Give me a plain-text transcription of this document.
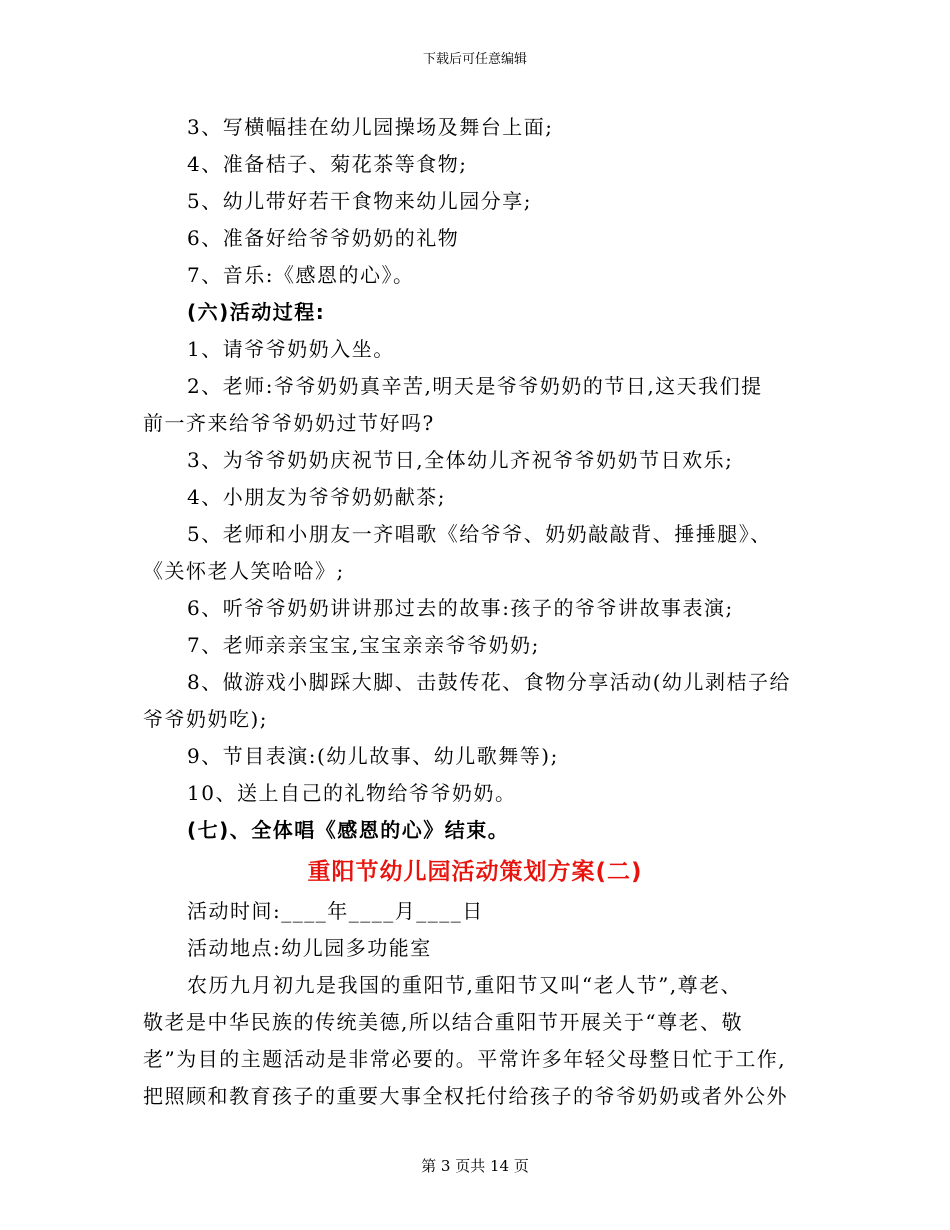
下载后可任意编辑
3、写横幅挂在幼儿园操场及舞台上面;
4、准备桔子、菊花茶等食物;
5、幼儿带好若干食物来幼儿园分享;
6、准备好给爷爷奶奶的礼物
7、音乐:《感恩的心》。
(六)活动过程:
1、请爷爷奶奶入坐。
2、老师:爷爷奶奶真辛苦,明天是爷爷奶奶的节日,这天我们提
前一齐来给爷爷奶奶过节好吗?
3、为爷爷奶奶庆祝节日,全体幼儿齐祝爷爷奶奶节日欢乐;
4、小朋友为爷爷奶奶献茶;
5、老师和小朋友一齐唱歌《给爷爷、奶奶敲敲背、捶捶腿》、
《关怀老人笑哈哈》;
6、听爷爷奶奶讲讲那过去的故事:孩子的爷爷讲故事表演;
7、老师亲亲宝宝,宝宝亲亲爷爷奶奶;
8、做游戏小脚踩大脚、击鼓传花、食物分享活动(幼儿剥桔子给
爷爷奶奶吃);
9、节目表演:(幼儿故事、幼儿歌舞等);
10、送上自己的礼物给爷爷奶奶。
(七)、全体唱《感恩的心》结束。
重阳节幼儿园活动策划方案(二)
活动时间:____年____月____日
活动地点:幼儿园多功能室
农历九月初九是我国的重阳节,重阳节又叫“老人节”,尊老、
敬老是中华民族的传统美德,所以结合重阳节开展关于“尊老、敬
老”为目的主题活动是非常必要的。平常许多年轻父母整日忙于工作,
把照顾和教育孩子的重要大事全权托付给孩子的爷爷奶奶或者外公外
第 3 页共 14 页
